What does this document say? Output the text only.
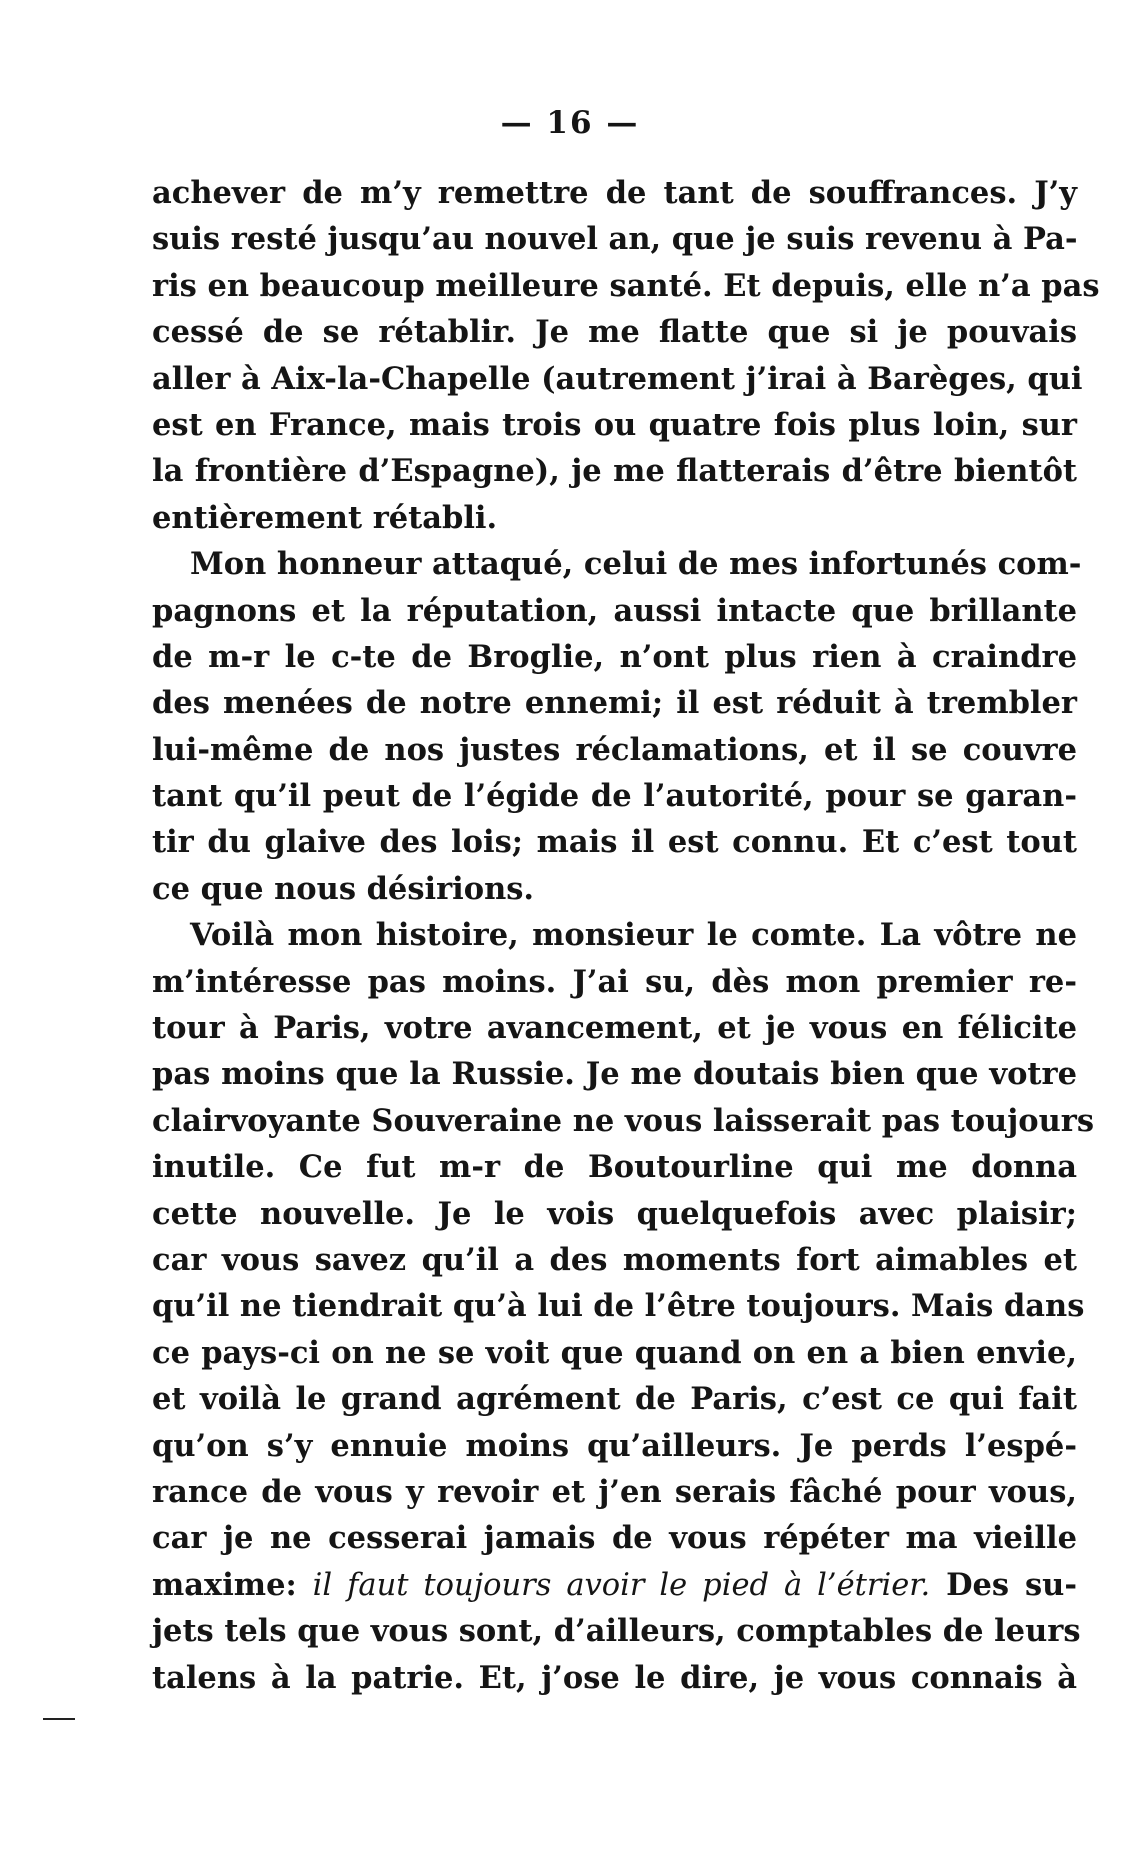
— 16 —
achever de m’y remettre de tant de souffrances. J’y
suis resté jusqu’au nouvel an, que je suis revenu à Pa-
ris en beaucoup meilleure santé. Et depuis, elle n’a pas
cessé de se rétablir. Je me flatte que si je pouvais
aller à Aix-la-Chapelle (autrement j’irai à Barèges, qui
est en France, mais trois ou quatre fois plus loin, sur
la frontière d’Espagne), je me flatterais d’être bientôt
entièrement rétabli.
Mon honneur attaqué, celui de mes infortunés com-
pagnons et la réputation, aussi intacte que brillante
de m-r le c-te de Broglie, n’ont plus rien à craindre
des menées de notre ennemi; il est réduit à trembler
lui-même de nos justes réclamations, et il se couvre
tant qu’il peut de l’égide de l’autorité, pour se garan-
tir du glaive des lois; mais il est connu. Et c’est tout
ce que nous désirions.
Voilà mon histoire, monsieur le comte. La vôtre ne
m’intéresse pas moins. J’ai su, dès mon premier re-
tour à Paris, votre avancement, et je vous en félicite
pas moins que la Russie. Je me doutais bien que votre
clairvoyante Souveraine ne vous laisserait pas toujours
inutile. Ce fut m-r de Boutourline qui me donna
cette nouvelle. Je le vois quelquefois avec plaisir;
car vous savez qu’il a des moments fort aimables et
qu’il ne tiendrait qu’à lui de l’être toujours. Mais dans
ce pays-ci on ne se voit que quand on en a bien envie,
et voilà le grand agrément de Paris, c’est ce qui fait
qu’on s’y ennuie moins qu’ailleurs. Je perds l’espé-
rance de vous y revoir et j’en serais fâché pour vous,
car je ne cesserai jamais de vous répéter ma vieille
maxime: il faut toujours avoir le pied à l’étrier. Des su-
jets tels que vous sont, d’ailleurs, comptables de leurs
talens à la patrie. Et, j’ose le dire, je vous connais à
